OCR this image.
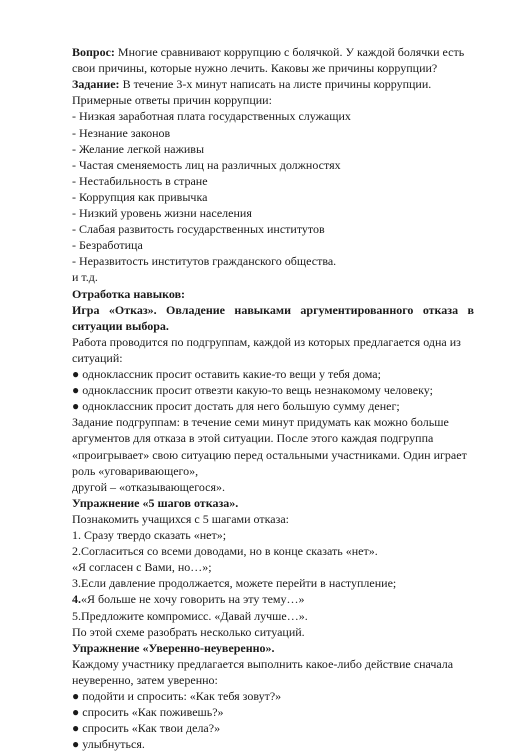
Вопрос: Многие сравнивают коррупцию с болячкой. У каждой болячки есть
свои причины, которые нужно лечить. Каковы же причины коррупции?
Задание: В течение 3-х минут написать на листе причины коррупции.
Примерные ответы причин коррупции:
- Низкая заработная плата государственных служащих
- Незнание законов
- Желание легкой наживы
- Частая сменяемость лиц на различных должностях
- Нестабильность в стране
- Коррупция как привычка
- Низкий уровень жизни населения
- Слабая развитость государственных институтов
- Безработица
- Неразвитость институтов гражданского общества.
и т.д.
Отработка навыков:
Игра «Отказ». Овладение навыками аргументированного отказа в
ситуации выбора.
Работа проводится по подгруппам, каждой из которых предлагается одна из
ситуаций:
● одноклассник просит оставить какие-то вещи у тебя дома;
● одноклассник просит отвезти какую-то вещь незнакомому человеку;
● одноклассник просит достать для него большую сумму денег;
Задание подгруппам: в течение семи минут придумать как можно больше
аргументов для отказа в этой ситуации. После этого каждая подгруппа
«проигрывает» свою ситуацию перед остальными участниками. Один играет
роль «уговаривающего»,
другой – «отказывающегося».
Упражнение «5 шагов отказа».
Познакомить учащихся с 5 шагами отказа:
1. Сразу твердо сказать «нет»;
2.Согласиться со всеми доводами, но в конце сказать «нет».
«Я согласен с Вами, но…»;
3.Если давление продолжается, можете перейти в наступление;
4.«Я больше не хочу говорить на эту тему…»
5.Предложите компромисс. «Давай лучше…».
По этой схеме разобрать несколько ситуаций.
Упражнение «Уверенно-неуверенно».
Каждому участнику предлагается выполнить какое-либо действие сначала
неуверенно, затем уверенно:
● подойти и спросить: «Как тебя зовут?»
● спросить «Как поживешь?»
● спросить «Как твои дела?»
● улыбнуться.
